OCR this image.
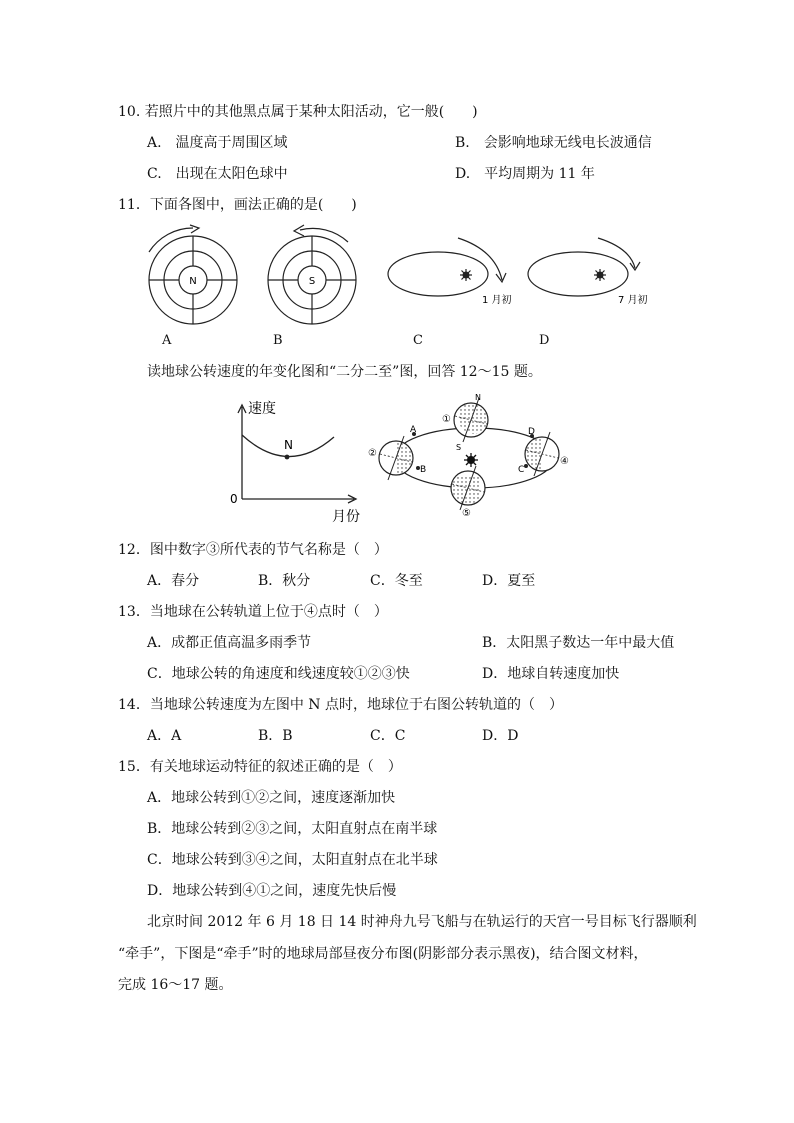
10. 若照片中的其他黑点属于某种太阳活动，它一般(　　)
A.　温度高于周围区域	B.　会影响地球无线电长波通信
C.　出现在太阳色球中	D.　平均周期为 11 年
11．下面各图中，画法正确的是(　　)
N	S
1 月初	7 月初
A	B	C	D
读地球公转速度的年变化图和“二分二至”图，回答 12～15 题。
速度
N
0
月份
①
②
④
⑤
A
B	C
D
N
S
12．图中数字③所代表的节气名称是（　）
A．春分	B．秋分	C．冬至	D．夏至
13．当地球在公转轨道上位于④点时（　）
A．成都正值高温多雨季节	B．太阳黑子数达一年中最大值
C．地球公转的角速度和线速度较①②③快	D．地球自转速度加快
14．当地球公转速度为左图中 N 点时，地球位于右图公转轨道的（　）
A．A	B．B	C．C	D．D
15．有关地球运动特征的叙述正确的是（　）
A．地球公转到①②之间，速度逐渐加快
B．地球公转到②③之间，太阳直射点在南半球
C．地球公转到③④之间，太阳直射点在北半球
D．地球公转到④①之间，速度先快后慢
北京时间 2012 年 6 月 18 日 14 时神舟九号飞船与在轨运行的天宫一号目标飞行器顺利
“牵手”，下图是“牵手”时的地球局部昼夜分布图(阴影部分表示黑夜)，结合图文材料，
完成 16～17 题。
